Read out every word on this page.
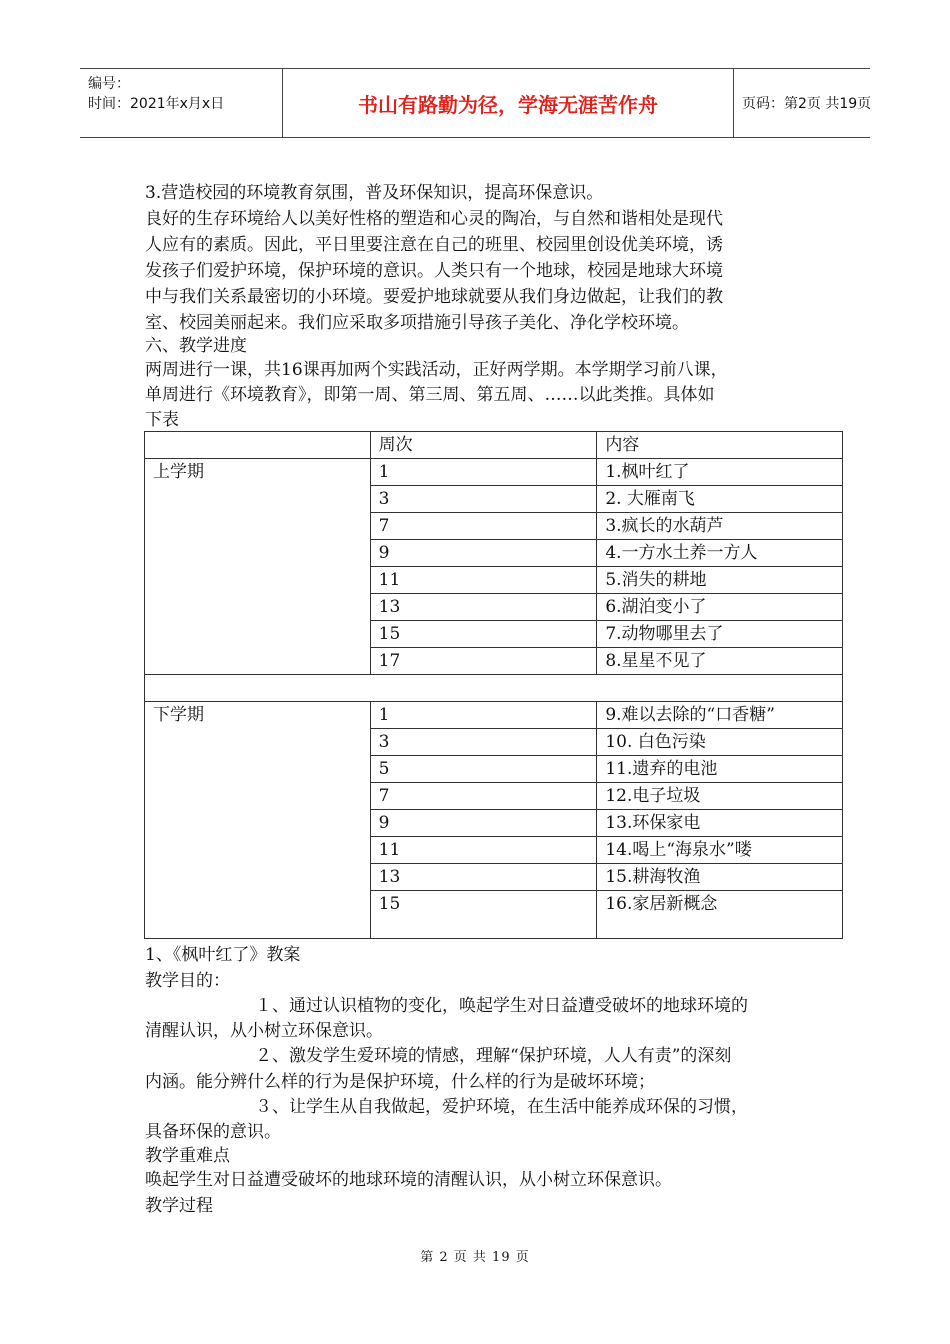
编号：
时间：2021年x月x日	书山有路勤为径，学海无涯苦作舟	页码：第2页 共19页
3.营造校园的环境教育氛围，普及环保知识，提高环保意识。
良好的生存环境给人以美好性格的塑造和心灵的陶冶，与自然和谐相处是现代
人应有的素质。因此，平日里要注意在自己的班里、校园里创设优美环境，诱
发孩子们爱护环境，保护环境的意识。人类只有一个地球，校园是地球大环境
中与我们关系最密切的小环境。要爱护地球就要从我们身边做起，让我们的教
室、校园美丽起来。我们应采取多项措施引导孩子美化、净化学校环境。
六、教学进度
两周进行一课，共16课再加两个实践活动，正好两学期。本学期学习前八课，
单周进行《环境教育》，即第一周、第三周、第五周、……以此类推。具体如
下表
	周次	内容
上学期	1	1.枫叶红了
	3	2. 大雁南飞
	7	3.疯长的水葫芦
	9	4.一方水土养一方人
	11	5.消失的耕地
	13	6.湖泊变小了
	15	7.动物哪里去了
	17	8.星星不见了

下学期	1	9.难以去除的“口香糖”
	3	10. 白色污染
	5	11.遗弃的电池
	7	12.电子垃圾
	9	13.环保家电
	11	14.喝上“海泉水”喽
	13	15.耕海牧渔
	15	16.家居新概念
1、《枫叶红了》教案
教学目的：
１、通过认识植物的变化，唤起学生对日益遭受破坏的地球环境的
清醒认识，从小树立环保意识。
２、激发学生爱环境的情感，理解“保护环境，人人有责”的深刻
内涵。能分辨什么样的行为是保护环境，什么样的行为是破坏环境；
３、让学生从自我做起，爱护环境，在生活中能养成环保的习惯，
具备环保的意识。
教学重难点
唤起学生对日益遭受破坏的地球环境的清醒认识，从小树立环保意识。
教学过程
第 2 页 共 19 页
